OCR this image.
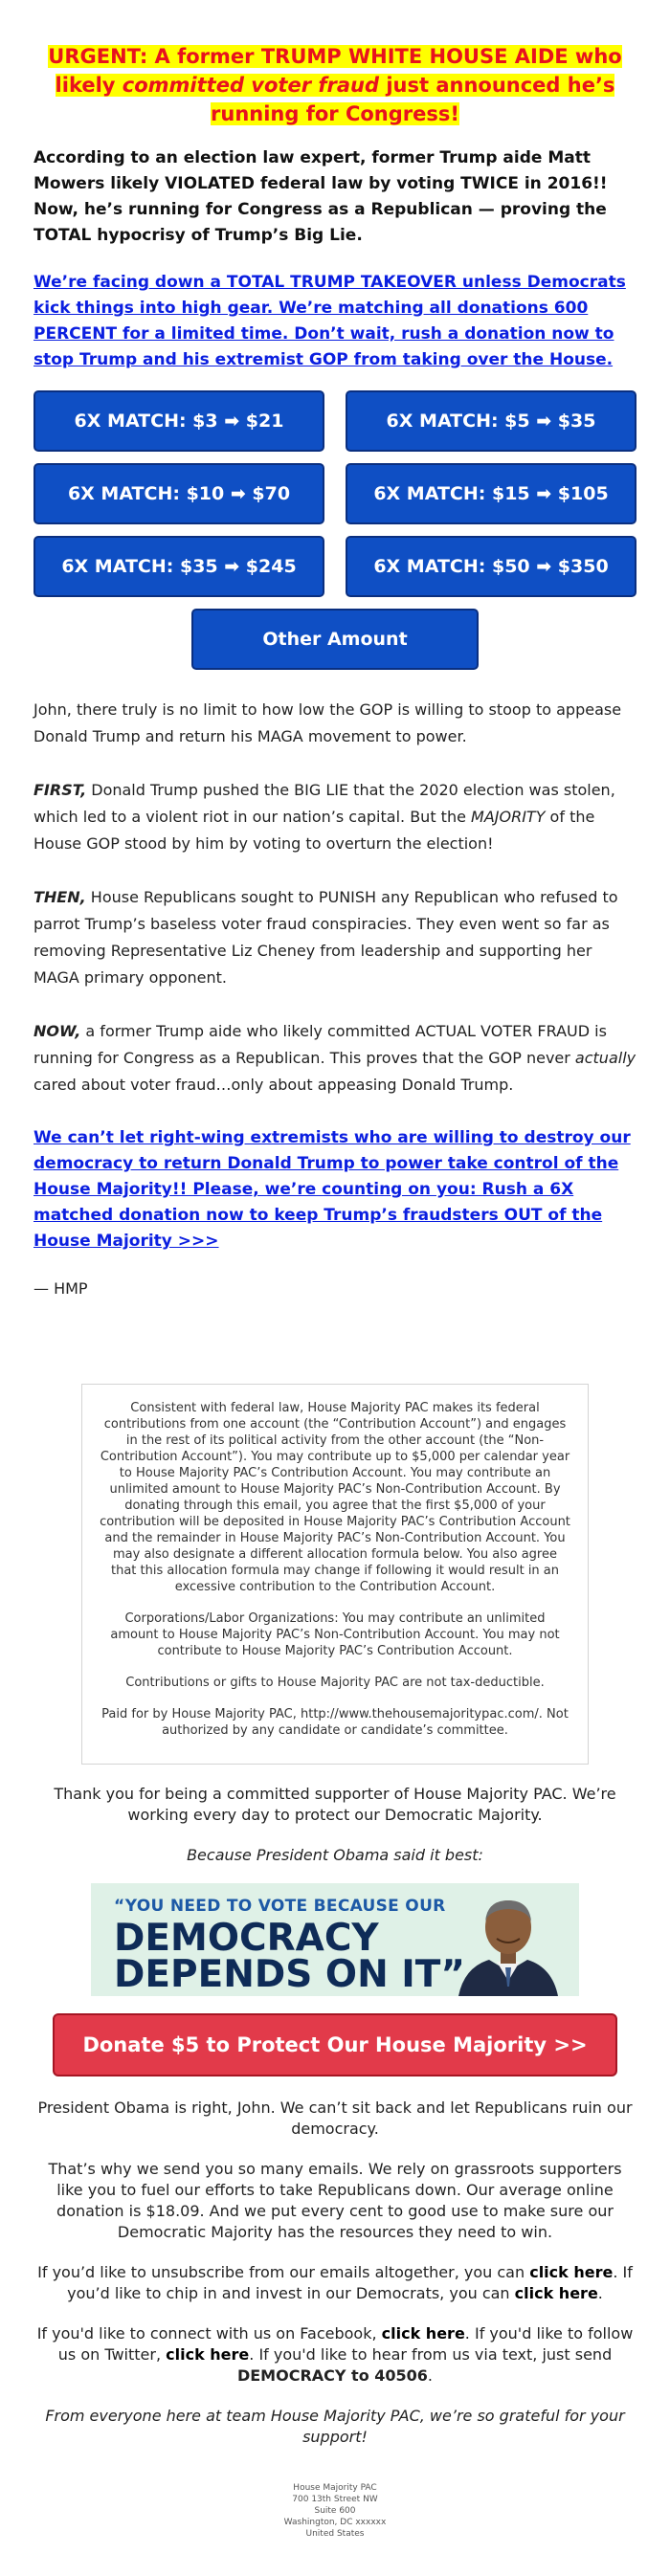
URGENT: A former TRUMP WHITE HOUSE AIDE who likely committed voter fraud just announced he’s running for Congress!

According to an election law expert, former Trump aide Matt Mowers likely VIOLATED federal law by voting TWICE in 2016!! Now, he’s running for Congress as a Republican — proving the TOTAL hypocrisy of Trump’s Big Lie.

We’re facing down a TOTAL TRUMP TAKEOVER unless Democrats kick things into high gear. We’re matching all donations 600 PERCENT for a limited time. Don’t wait, rush a donation now to stop Trump and his extremist GOP from taking over the House.
6X MATCH: $3 ➡ $21	6X MATCH: $5 ➡ $35
6X MATCH: $10 ➡ $70	6X MATCH: $15 ➡ $105
6X MATCH: $35 ➡ $245	6X MATCH: $50 ➡ $350
Other Amount

John, there truly is no limit to how low the GOP is willing to stoop to appease Donald Trump and return his MAGA movement to power.

FIRST, Donald Trump pushed the BIG LIE that the 2020 election was stolen, which led to a violent riot in our nation’s capital. But the MAJORITY of the House GOP stood by him by voting to overturn the election!

THEN, House Republicans sought to PUNISH any Republican who refused to parrot Trump’s baseless voter fraud conspiracies. They even went so far as removing Representative Liz Cheney from leadership and supporting her MAGA primary opponent.

NOW, a former Trump aide who likely committed ACTUAL VOTER FRAUD is running for Congress as a Republican. This proves that the GOP never actually cared about voter fraud…only about appeasing Donald Trump.

We can’t let right-wing extremists who are willing to destroy our democracy to return Donald Trump to power take control of the House Majority!! Please, we’re counting on you: Rush a 6X matched donation now to keep Trump’s fraudsters OUT of the House Majority >>>

— HMP

Consistent with federal law, House Majority PAC makes its federal contributions from one account (the “Contribution Account”) and engages in the rest of its political activity from the other account (the “Non-Contribution Account”). You may contribute up to $5,000 per calendar year to House Majority PAC’s Contribution Account. You may contribute an unlimited amount to House Majority PAC’s Non-Contribution Account. By donating through this email, you agree that the first $5,000 of your contribution will be deposited in House Majority PAC’s Contribution Account and the remainder in House Majority PAC’s Non-Contribution Account. You may also designate a different allocation formula below. You also agree that this allocation formula may change if following it would result in an excessive contribution to the Contribution Account.

Corporations/Labor Organizations: You may contribute an unlimited amount to House Majority PAC’s Non-Contribution Account. You may not contribute to House Majority PAC’s Contribution Account.

Contributions or gifts to House Majority PAC are not tax-deductible.

Paid for by House Majority PAC, http://www.thehousemajoritypac.com/. Not authorized by any candidate or candidate’s committee.

Thank you for being a committed supporter of House Majority PAC. We’re working every day to protect our Democratic Majority.

Because President Obama said it best:

“YOU NEED TO VOTE BECAUSE OUR
DEMOCRACY
DEPENDS ON IT”
Donate $5 to Protect Our House Majority >>

President Obama is right, John. We can’t sit back and let Republicans ruin our democracy.

That’s why we send you so many emails. We rely on grassroots supporters like you to fuel our efforts to take Republicans down. Our average online donation is $18.09. And we put every cent to good use to make sure our Democratic Majority has the resources they need to win.

If you’d like to unsubscribe from our emails altogether, you can click here. If you’d like to chip in and invest in our Democrats, you can click here.

If you'd like to connect with us on Facebook, click here. If you'd like to follow us on Twitter, click here. If you'd like to hear from us via text, just send DEMOCRACY to 40506.

From everyone here at team House Majority PAC, we’re so grateful for your support!

House Majority PAC
700 13th Street NW
Suite 600
Washington, DC xxxxxx
United States
